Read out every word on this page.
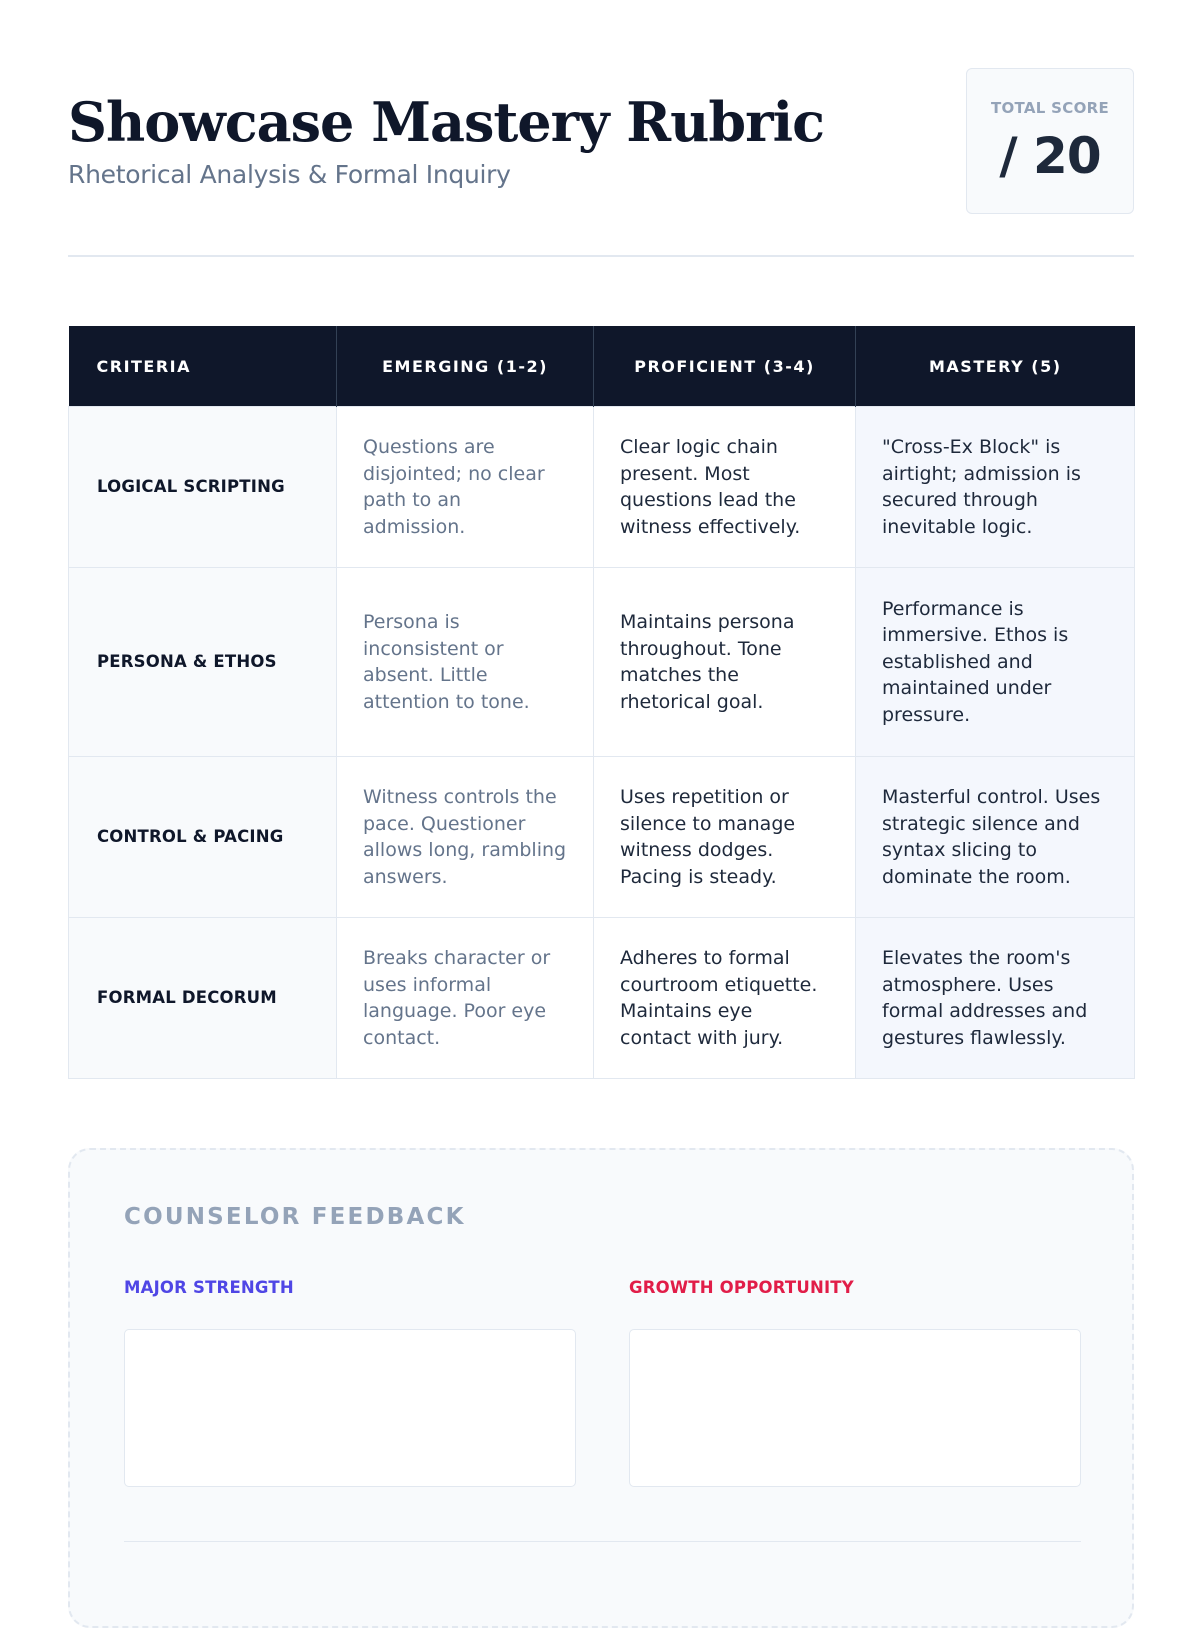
Showcase Mastery Rubric
Rhetorical Analysis & Formal Inquiry
TOTAL SCORE
/ 20
CRITERIA	EMERGING (1-2)	PROFICIENT (3-4)	MASTERY (5)
LOGICAL SCRIPTING	Questions are disjointed; no clear path to an admission.	Clear logic chain present. Most questions lead the witness effectively.	"Cross-Ex Block" is airtight; admission is secured through inevitable logic.
PERSONA & ETHOS	Persona is inconsistent or absent. Little attention to tone.	Maintains persona throughout. Tone matches the rhetorical goal.	Performance is immersive. Ethos is established and maintained under pressure.
CONTROL & PACING	Witness controls the pace. Questioner allows long, rambling answers.	Uses repetition or silence to manage witness dodges. Pacing is steady.	Masterful control. Uses strategic silence and syntax slicing to dominate the room.
FORMAL DECORUM	Breaks character or uses informal language. Poor eye contact.	Adheres to formal courtroom etiquette. Maintains eye contact with jury.	Elevates the room's atmosphere. Uses formal addresses and gestures flawlessly.
COUNSELOR FEEDBACK
MAJOR STRENGTH	GROWTH OPPORTUNITY
